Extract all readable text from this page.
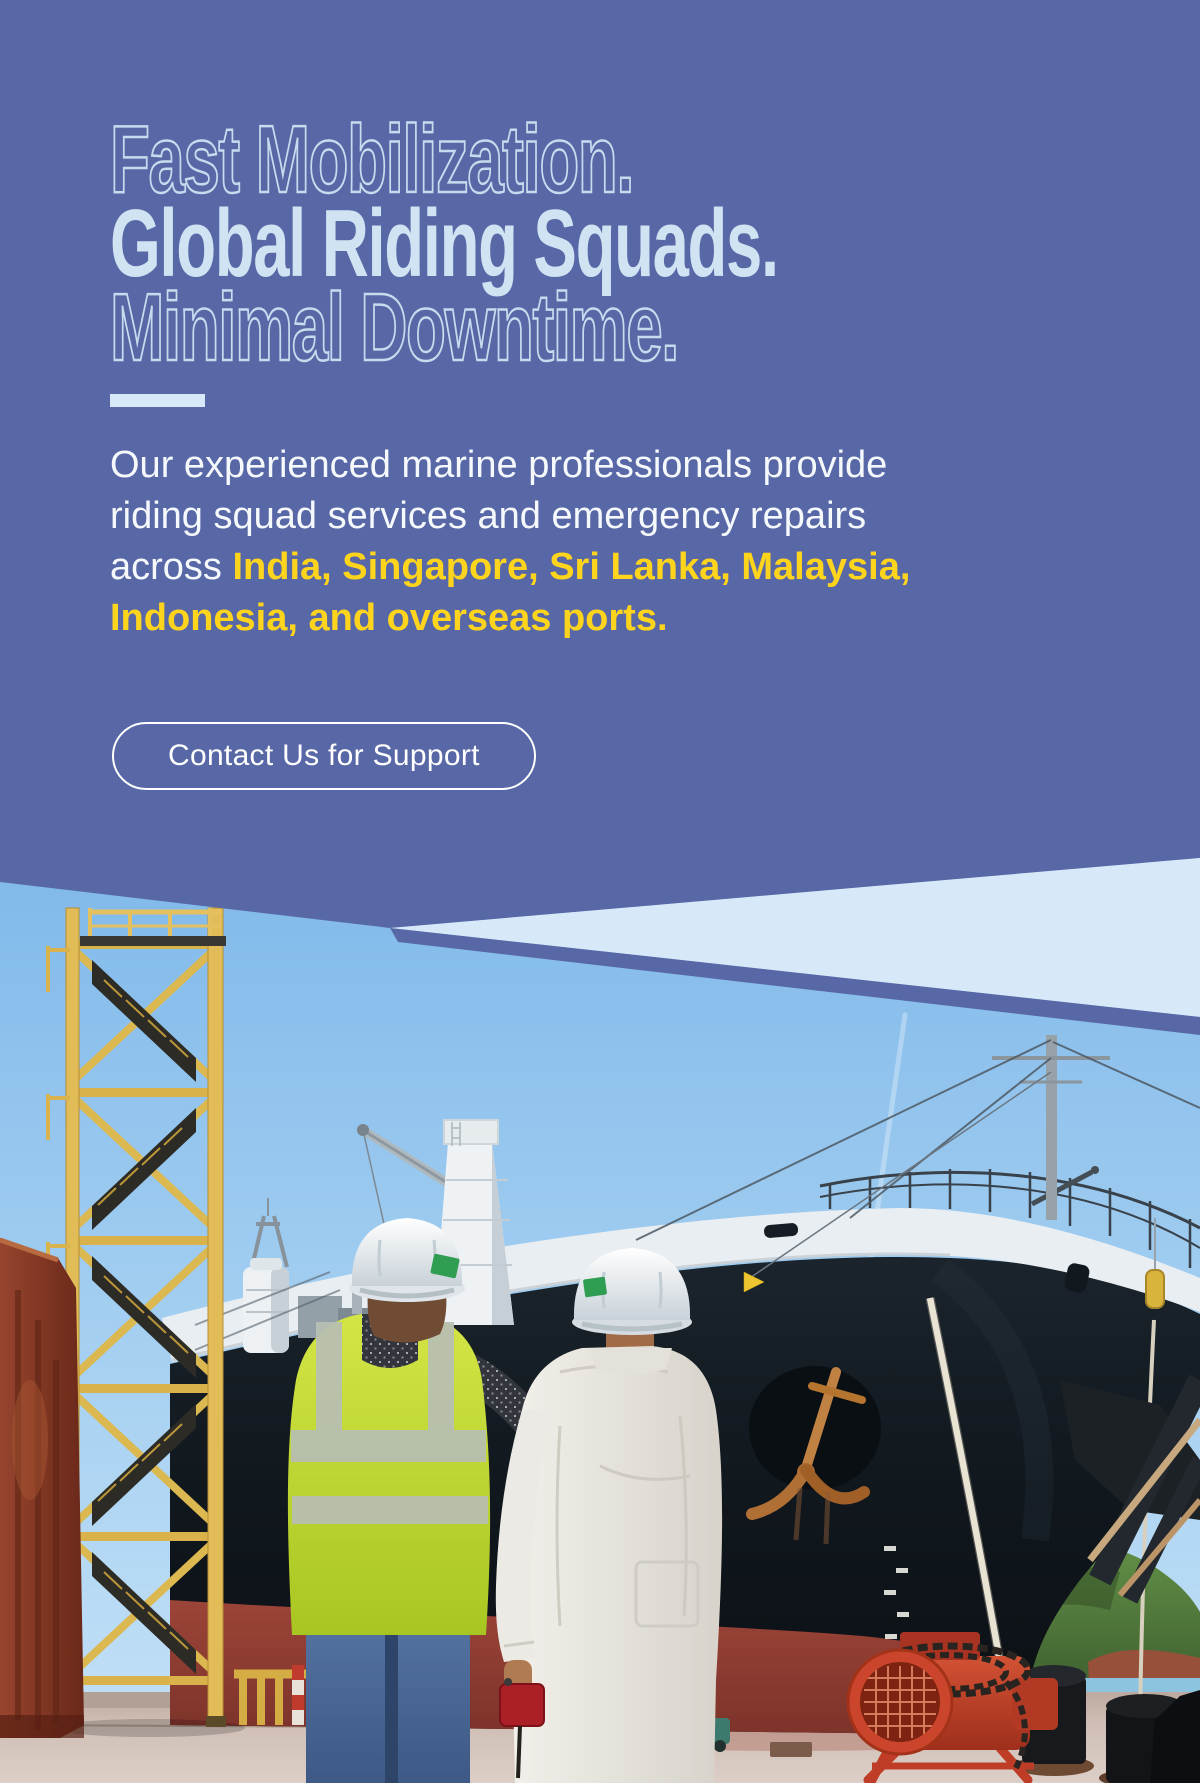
Fast Mobilization.
Global Riding Squads.
Minimal Downtime.
Our experienced marine professionals provide
riding squad services and emergency repairs
across India, Singapore, Sri Lanka, Malaysia,
Indonesia, and overseas ports.
Contact Us for Support
